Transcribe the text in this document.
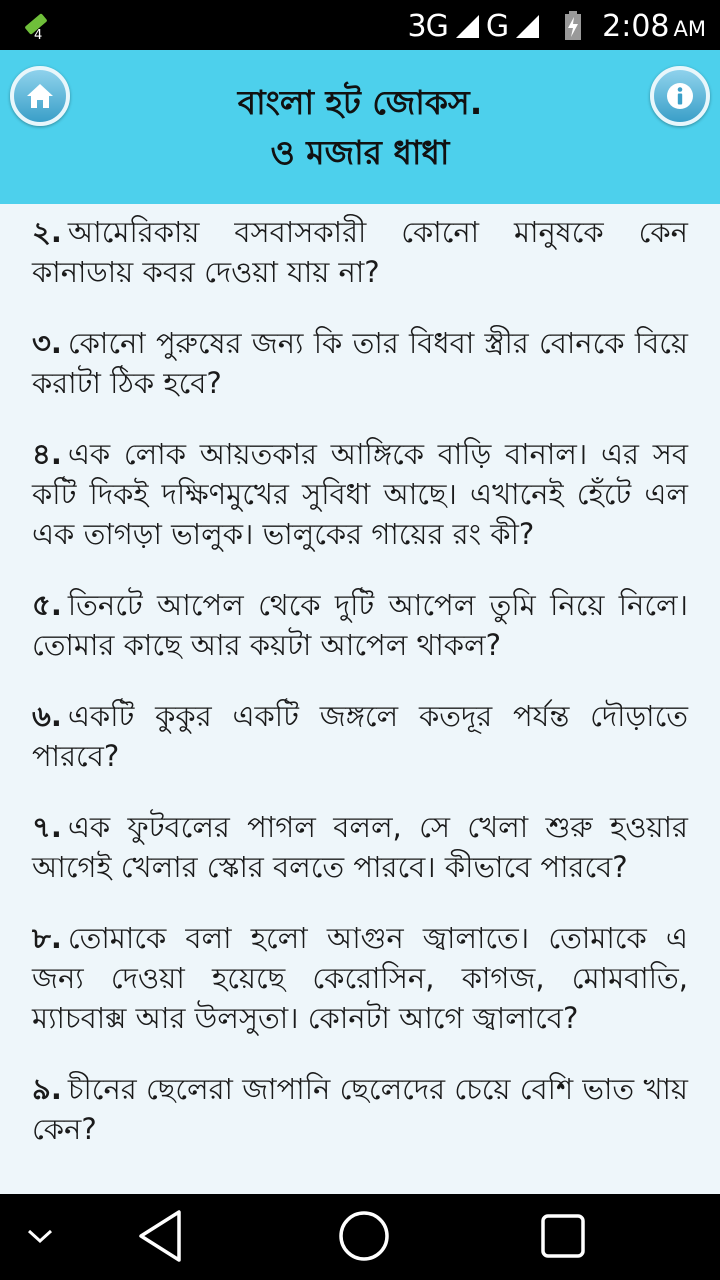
4	3G G	2:08 AM
বাংলা হট জোকস.
ও মজার ধাধা

২. আমেরিকায় বসবাসকারী কোনো মানুষকে কেন কানাডায় কবর দেওয়া যায় না?

৩. কোনো পুরুষের জন্য কি তার বিধবা স্ত্রীর বোনকে বিয়ে করাটা ঠিক হবে?

৪. এক লোক আয়তকার আঙ্গিকে বাড়ি বানাল। এর সব কটি দিকই দক্ষিণমুখের সুবিধা আছে। এখানেই হেঁটে এল এক তাগড়া ভালুক। ভালুকের গায়ের রং কী?

৫. তিনটে আপেল থেকে দুটি আপেল তুমি নিয়ে নিলে। তোমার কাছে আর কয়টা আপেল থাকল?

৬. একটি কুকুর একটি জঙ্গলে কতদূর পর্যন্ত দৌড়াতে পারবে?

৭. এক ফুটবলের পাগল বলল, সে খেলা শুরু হওয়ার আগেই খেলার স্কোর বলতে পারবে। কীভাবে পারবে?

৮. তোমাকে বলা হলো আগুন জ্বালাতে। তোমাকে এ জন্য দেওয়া হয়েছে কেরোসিন, কাগজ, মোমবাতি, ম্যাচবাক্স আর উলসুতা। কোনটা আগে জ্বালাবে?

৯. চীনের ছেলেরা জাপানি ছেলেদের চেয়ে বেশি ভাত খায় কেন?
